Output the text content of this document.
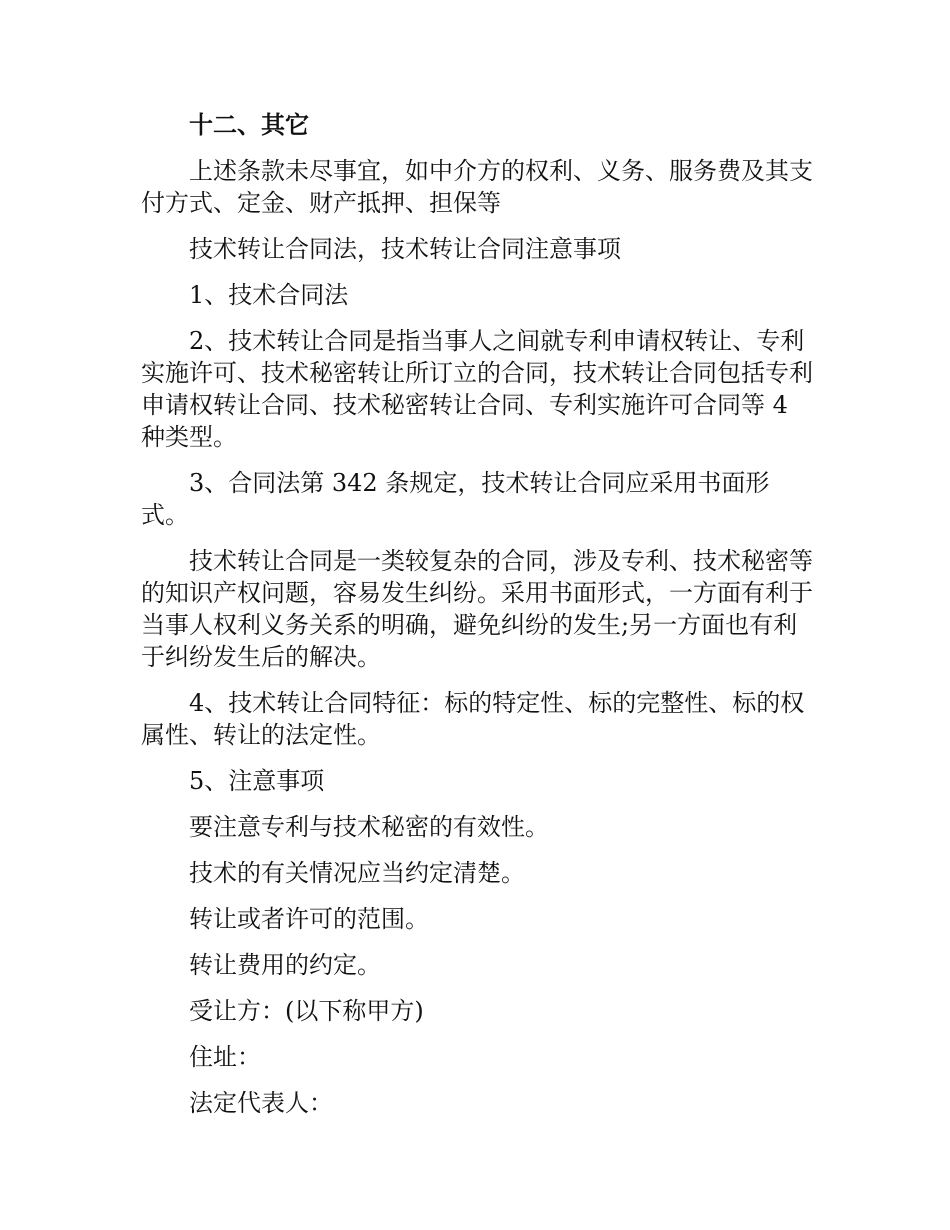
十二、其它

上述条款未尽事宜，如中介方的权利、义务、服务费及其支付方式、定金、财产抵押、担保等

技术转让合同法，技术转让合同注意事项

1、技术合同法

2、技术转让合同是指当事人之间就专利申请权转让、专利实施许可、技术秘密转让所订立的合同，技术转让合同包括专利申请权转让合同、技术秘密转让合同、专利实施许可合同等 4 种类型。

3、合同法第 342 条规定，技术转让合同应采用书面形式。

技术转让合同是一类较复杂的合同，涉及专利、技术秘密等的知识产权问题，容易发生纠纷。采用书面形式，一方面有利于当事人权利义务关系的明确，避免纠纷的发生;另一方面也有利于纠纷发生后的解决。

4、技术转让合同特征：标的特定性、标的完整性、标的权属性、转让的法定性。

5、注意事项

要注意专利与技术秘密的有效性。

技术的有关情况应当约定清楚。

转让或者许可的范围。

转让费用的约定。

受让方：(以下称甲方)

住址：

法定代表人：
